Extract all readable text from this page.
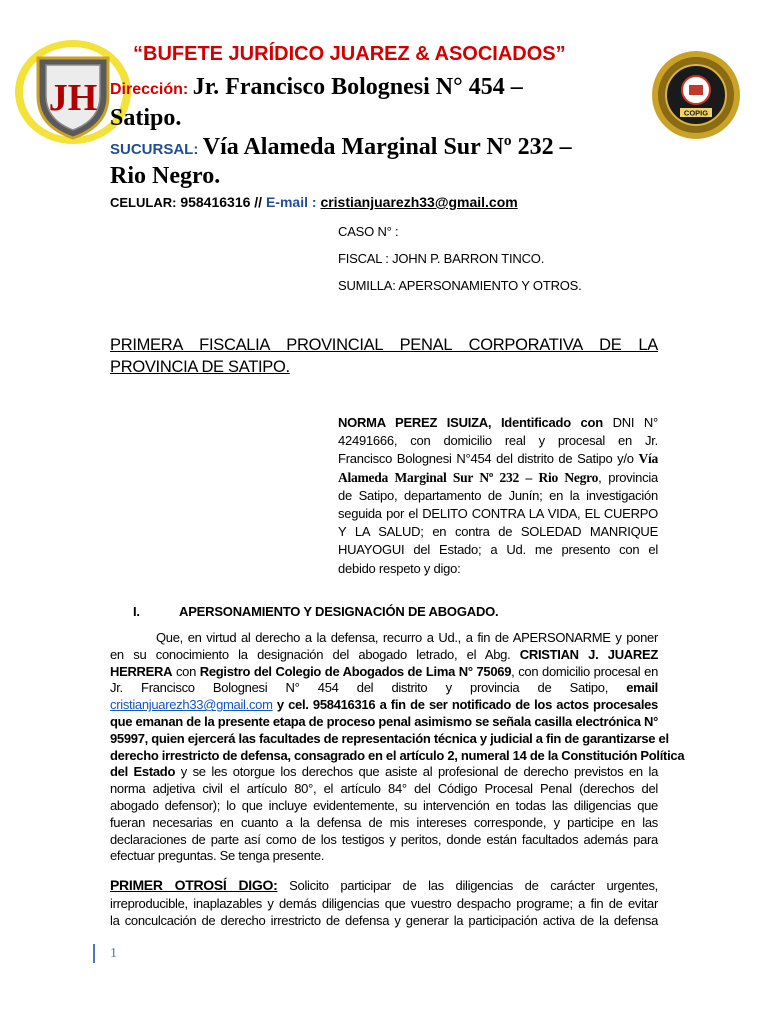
JH	COPIG
“BUFETE JURÍDICO JUAREZ & ASOCIADOS”
Dirección: Jr. Francisco Bolognesi N° 454 –
Satipo.
SUCURSAL: Vía Alameda Marginal Sur Nº 232 –
Rio Negro.
CELULAR: 958416316 // E-mail : cristianjuarezh33@gmail.com
CASO N° :
FISCAL : JOHN P. BARRON TINCO.
SUMILLA: APERSONAMIENTO Y OTROS.
PRIMERA FISCALIA PROVINCIAL PENAL CORPORATIVA DE LA
PROVINCIA DE SATIPO.
NORMA PEREZ ISUIZA, Identificado con DNI N°
42491666, con domicilio real y procesal en Jr.
Francisco Bolognesi N°454 del distrito de Satipo y/o Vía
Alameda Marginal Sur Nº 232 – Rio Negro, provincia
de Satipo, departamento de Junín; en la investigación
seguida por el DELITO CONTRA LA VIDA, EL CUERPO
Y LA SALUD; en contra de SOLEDAD MANRIQUE
HUAYOGUI del Estado; a Ud. me presento con el
debido respeto y digo:
I.	APERSONAMIENTO Y DESIGNACIÓN DE ABOGADO.
Que, en virtud al derecho a la defensa, recurro a Ud., a fin de APERSONARME y poner
en su conocimiento la designación del abogado letrado, el Abg. CRISTIAN J. JUAREZ
HERRERA con Registro del Colegio de Abogados de Lima N° 75069, con domicilio procesal en
Jr. Francisco Bolognesi N° 454 del distrito y provincia de Satipo, email
cristianjuarezh33@gmail.com y cel. 958416316 a fin de ser notificado de los actos procesales
que emanan de la presente etapa de proceso penal asimismo se señala casilla electrónica N°
95997, quien ejercerá las facultades de representación técnica y judicial a fin de garantizarse el
derecho irrestricto de defensa, consagrado en el artículo 2, numeral 14 de la Constitución Política
del Estado y se les otorgue los derechos que asiste al profesional de derecho previstos en la
norma adjetiva civil el artículo 80°, el artículo 84° del Código Procesal Penal (derechos del
abogado defensor); lo que incluye evidentemente, su intervención en todas las diligencias que
fueran necesarias en cuanto a la defensa de mis intereses corresponde, y participe en las
declaraciones de parte así como de los testigos y peritos, donde están facultados además para
efectuar preguntas. Se tenga presente.
PRIMER OTROSÍ DIGO: Solicito participar de las diligencias de carácter urgentes,
irreproducible, inaplazables y demás diligencias que vuestro despacho programe; a fin de evitar
la conculcación de derecho irrestricto de defensa y generar la participación activa de la defensa
1
